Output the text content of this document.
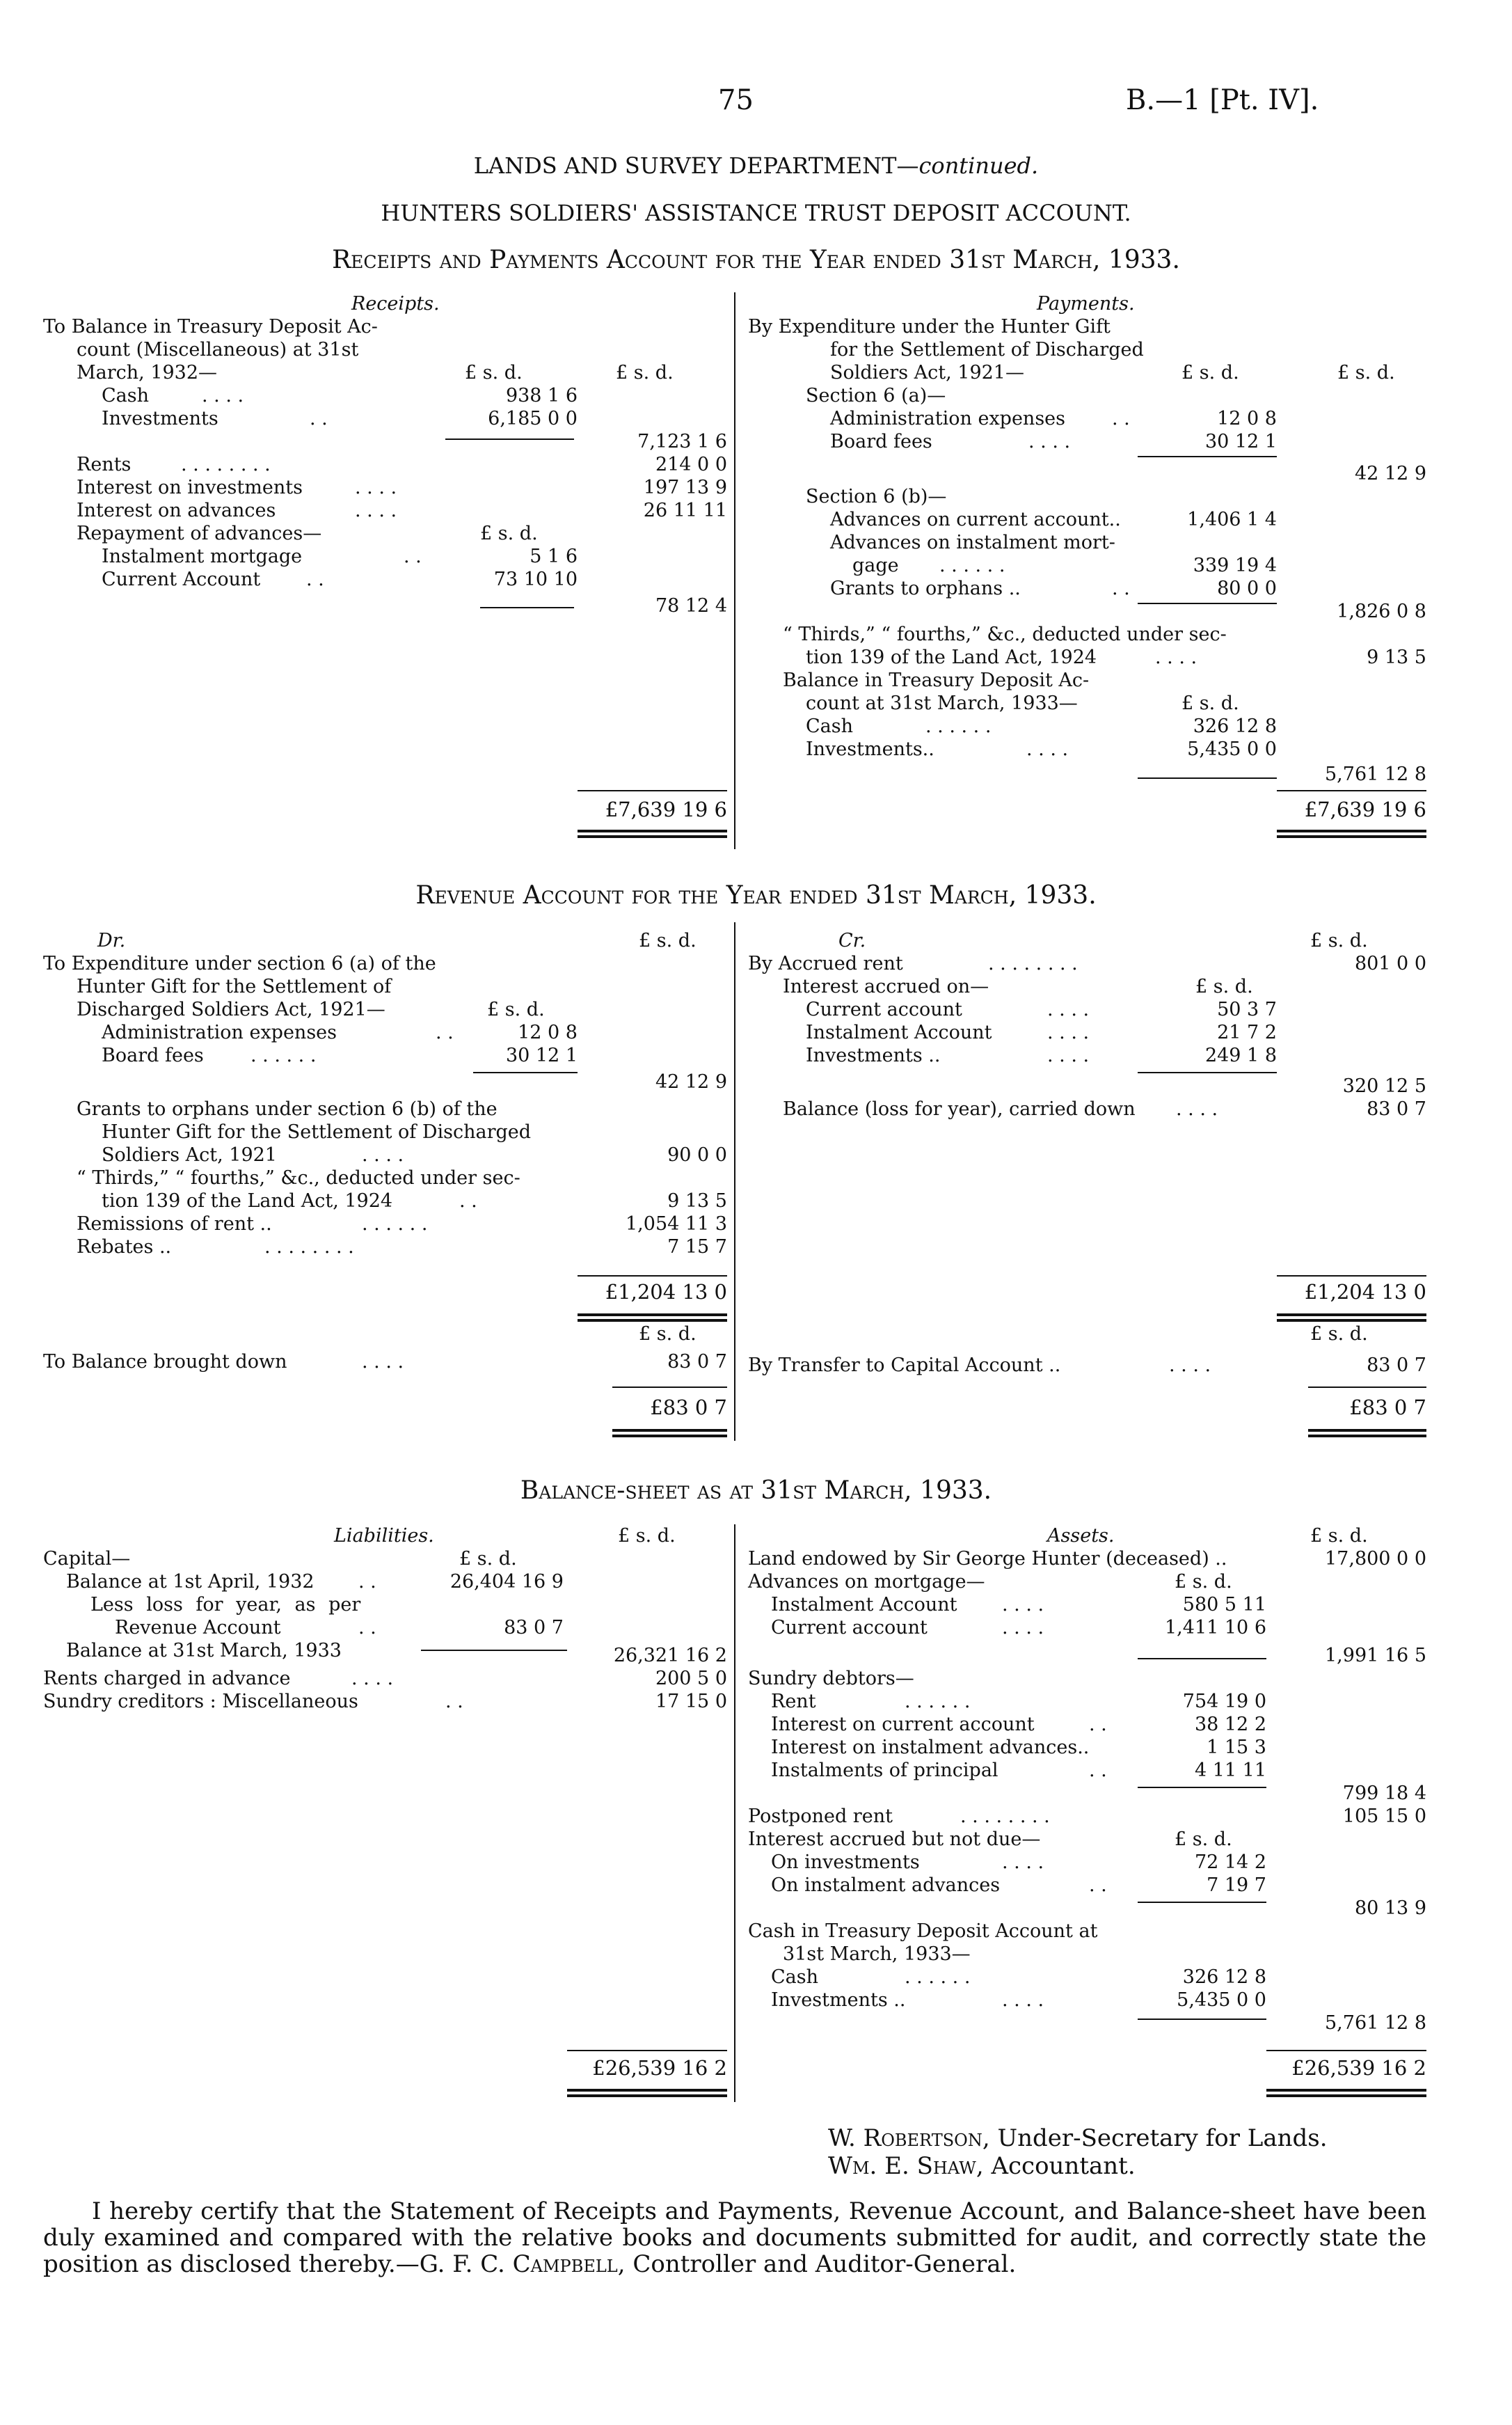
75	B.—1 [Pt. IV].
LANDS AND SURVEY DEPARTMENT—continued.
HUNTERS SOLDIERS' ASSISTANCE TRUST DEPOSIT ACCOUNT.
Receipts and Payments Account for the Year ended 31st March, 1933.
Receipts.
To Balance in Treasury Deposit Ac-
count (Miscellaneous) at 31st
March, 1932—	£ s. d.	£ s. d.
Cash	. . . .	938 1 6
Investments	. .	6,185 0 0
7,123 1 6
Rents	. . . . . . . .	214 0 0
Interest on investments	. . . .	197 13 9
Interest on advances	. . . .	26 11 11
Repayment of advances—	£ s. d.
Instalment mortgage	. .	5 1 6
Current Account . .	73 10 10
78 12 4
£7,639 19 6
Payments.
By Expenditure under the Hunter Gift
for the Settlement of Discharged
Soldiers Act, 1921—	£ s. d.	£ s. d.
Section 6 (a)—
Administration expenses . .	12 0 8
Board fees	. . . .	30 12 1
42 12 9
Section 6 (b)—
Advances on current account..	1,406 1 4
Advances on instalment mort-
gage . . . . . .	339 19 4
Grants to orphans ..	. .	80 0 0
1,826 0 8
“ Thirds,” “ fourths,” &c., deducted under sec-
tion 139 of the Land Act, 1924	. . . .	9 13 5
Balance in Treasury Deposit Ac-
count at 31st March, 1933—	£ s. d.
Cash	. . . . . .	326 12 8
Investments..	. . . .	5,435 0 0
5,761 12 8
£7,639 19 6
Revenue Account for the Year ended 31st March, 1933.
Dr.	£ s. d.
To Expenditure under section 6 (a) of the
Hunter Gift for the Settlement of
Discharged Soldiers Act, 1921—	£ s. d.
Administration expenses	. .	12 0 8
Board fees . . . . . .	30 12 1
42 12 9
Grants to orphans under section 6 (b) of the
Hunter Gift for the Settlement of Discharged
Soldiers Act, 1921	. . . .	90 0 0
“ Thirds,” “ fourths,” &c., deducted under sec-
tion 139 of the Land Act, 1924	. .	9 13 5
Remissions of rent ..	. . . . . .	1,054 11 3
Rebates ..	. . . . . . . .	7 15 7
£1,204 13 0
£ s. d.
To Balance brought down	. . . .	83 0 7
£83 0 7
Cr.	£ s. d.
By Accrued rent	. . . . . . . .	801 0 0
Interest accrued on—	£ s. d.
Current account	. . . .	50 3 7
Instalment Account	. . . .	21 7 2
Investments ..	. . . .	249 1 8
320 12 5
Balance (loss for year), carried down . . . .	83 0 7
£1,204 13 0
£ s. d.
By Transfer to Capital Account ..	. . . .	83 0 7
£83 0 7
Balance-sheet as at 31st March, 1933.
Liabilities.	£ s. d.
£ s. d.
Capital—
Balance at 1st April, 1932 . .	26,404 16 9
Less loss for year, as per
Revenue Account	. .	83 0 7
Balance at 31st March, 1933	26,321 16 2
Rents charged in advance	. . . .	200 5 0
Sundry creditors : Miscellaneous	. .	17 15 0
£26,539 16 2
Assets.	£ s. d.
Land endowed by Sir George Hunter (deceased) ..	17,800 0 0
Advances on mortgage—	£ s. d.
Instalment Account . . . .	580 5 11
Current account	. . . .	1,411 10 6
1,991 16 5
Sundry debtors—
Rent	. . . . . .	754 19 0
Interest on current account	. .	38 12 2
Interest on instalment advances..	1 15 3
Instalments of principal	. .	4 11 11
799 18 4
Postponed rent	. . . . . . . .	105 15 0
Interest accrued but not due—	£ s. d.
On investments	. . . .	72 14 2
On instalment advances	. .	7 19 7
80 13 9
Cash in Treasury Deposit Account at
31st March, 1933—
Cash	. . . . . .	326 12 8
Investments ..	. . . .	5,435 0 0
5,761 12 8
£26,539 16 2
W. Robertson, Under-Secretary for Lands.
Wm. E. Shaw, Accountant.
I hereby certify that the Statement of Receipts and Payments, Revenue Account, and Balance-sheet have been duly examined and compared with the relative books and documents submitted for audit, and correctly state the position as disclosed thereby.—G. F. C. Campbell, Controller and Auditor-General.
